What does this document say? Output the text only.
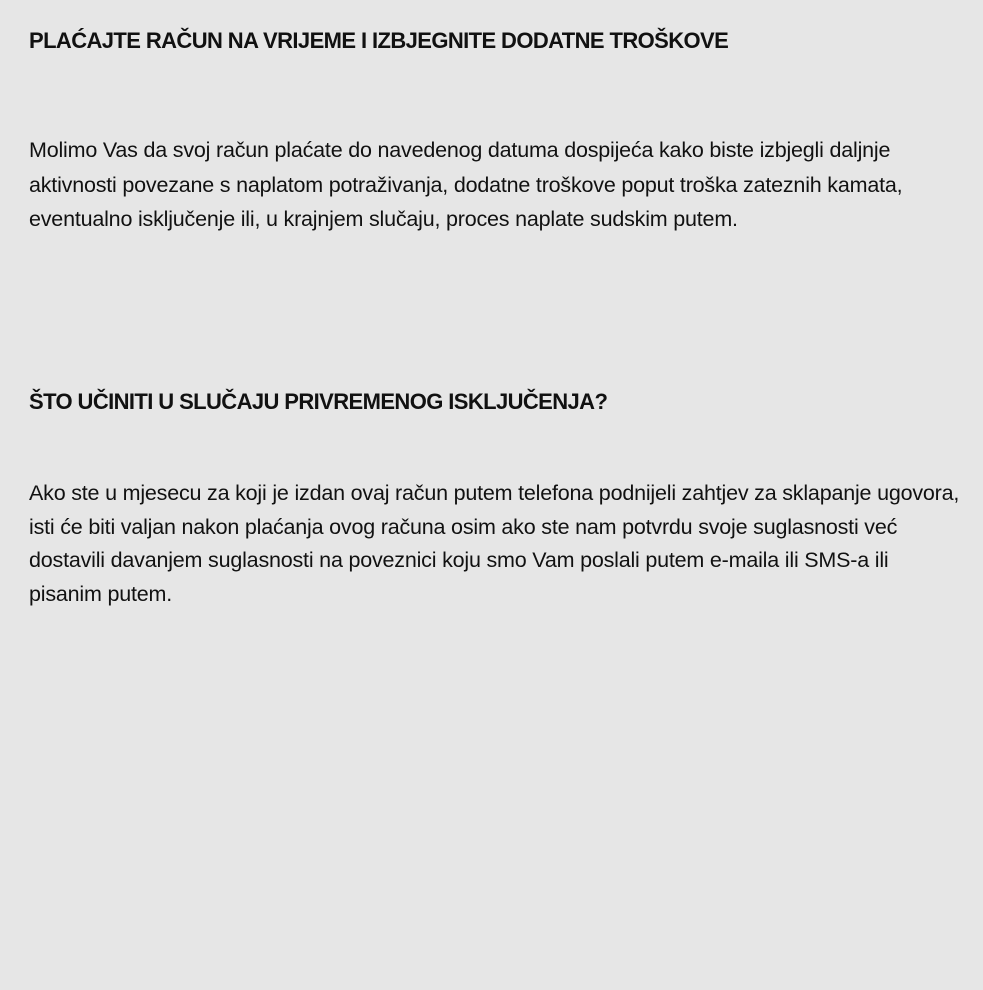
PLAĆAJTE RAČUN NA VRIJEME I IZBJEGNITE DODATNE TROŠKOVE

Molimo Vas da svoj račun plaćate do navedenog datuma dospijeća kako biste izbjegli daljnje aktivnosti povezane s naplatom potraživanja, dodatne troškove poput troška zateznih kamata, eventualno isključenje ili, u krajnjem slučaju, proces naplate sudskim putem.

ŠTO UČINITI U SLUČAJU PRIVREMENOG ISKLJUČENJA?

Ako ste u mjesecu za koji je izdan ovaj račun putem telefona podnijeli zahtjev za sklapanje ugovora, isti će biti valjan nakon plaćanja ovog računa osim ako ste nam potvrdu svoje suglasnosti već dostavili davanjem suglasnosti na poveznici koju smo Vam poslali putem e-maila ili SMS-a ili pisanim putem.
